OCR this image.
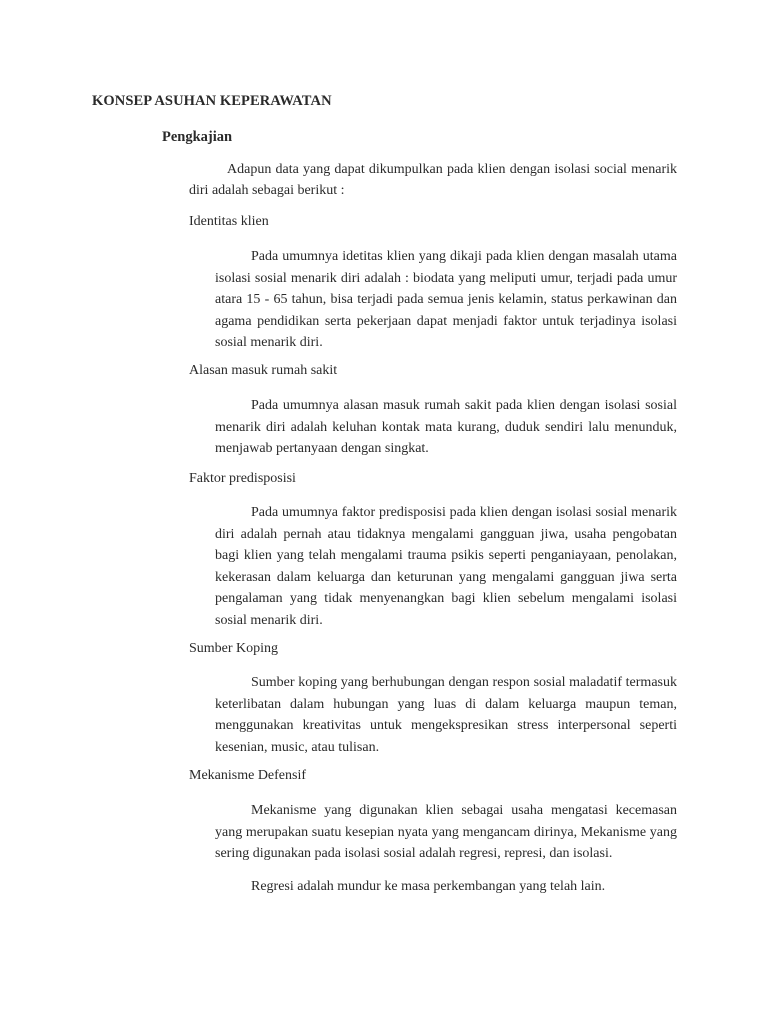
KONSEP ASUHAN KEPERAWATAN
Pengkajian
Adapun data yang dapat dikumpulkan pada klien dengan isolasi social menarik diri adalah sebagai berikut :
Identitas klien
Pada umumnya idetitas klien yang dikaji pada klien dengan masalah utama isolasi sosial menarik diri adalah : biodata yang meliputi umur, terjadi pada umur atara 15 - 65 tahun, bisa terjadi pada semua jenis kelamin, status perkawinan dan agama pendidikan serta pekerjaan dapat menjadi faktor untuk terjadinya isolasi sosial menarik diri.
Alasan masuk rumah sakit
Pada umumnya alasan masuk rumah sakit pada klien dengan isolasi sosial menarik diri adalah keluhan kontak mata kurang, duduk sendiri lalu menunduk, menjawab pertanyaan dengan singkat.
Faktor predisposisi
Pada umumnya faktor predisposisi pada klien dengan isolasi sosial menarik diri adalah pernah atau tidaknya mengalami gangguan jiwa, usaha pengobatan bagi klien yang telah mengalami trauma psikis seperti penganiayaan, penolakan, kekerasan dalam keluarga dan keturunan yang mengalami gangguan jiwa serta pengalaman yang tidak menyenangkan bagi klien sebelum mengalami isolasi sosial menarik diri.
Sumber Koping
Sumber koping yang berhubungan dengan respon sosial maladatif termasuk keterlibatan dalam hubungan yang luas di dalam keluarga maupun teman, menggunakan kreativitas untuk mengekspresikan stress interpersonal seperti kesenian, music, atau tulisan.
Mekanisme Defensif
Mekanisme yang digunakan klien sebagai usaha mengatasi kecemasan yang merupakan suatu kesepian nyata yang mengancam dirinya, Mekanisme yang sering digunakan pada isolasi sosial adalah regresi, represi, dan isolasi.
Regresi adalah mundur ke masa perkembangan yang telah lain.
